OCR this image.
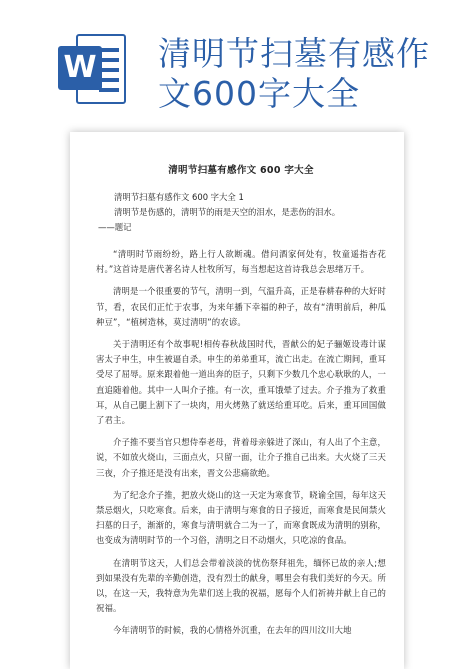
W 清明节扫墓有感作
文600字大全
清明节扫墓有感作文 600 字大全
清明节扫墓有感作文 600 字大全 1
清明节是伤感的，清明节的雨是天空的泪水，是悲伤的泪水。
——题记

“清明时节雨纷纷，路上行人欲断魂。借问酒家何处有，牧童遥指杏花村。”这首诗是唐代著名诗人杜牧所写，每当想起这首诗我总会思绪万千。

清明是一个很重要的节气，清明一到，气温升高，正是春耕春种的大好时节，看，农民们正忙于农事，为来年播下幸福的种子，故有“清明前后，种瓜种豆”，“植树造林，莫过清明”的农谚。

关于清明还有个故事呢!相传春秋战国时代，晋献公的妃子骊姬设毒计谋害太子申生，申生被逼自杀。申生的弟弟重耳，流亡出走。在流亡期间，重耳受尽了屈辱。原来跟着他一道出奔的臣子，只剩下少数几个忠心耿耿的人，一直追随着他。其中一人叫介子推。有一次，重耳饿晕了过去。介子推为了救重耳，从自己腿上割下了一块肉，用火烤熟了就送给重耳吃。后来，重耳回国做了君主。

介子推不要当官只想侍奉老母，背着母亲躲进了深山，有人出了个主意，说，不如放火烧山，三面点火，只留一面，让介子推自己出来。大火烧了三天三夜，介子推还是没有出来，晋文公悲痛欲绝。

为了纪念介子推，把放火烧山的这一天定为寒食节，晓谕全国，每年这天禁忌烟火，只吃寒食。后来，由于清明与寒食的日子接近，而寒食是民间禁火扫墓的日子，渐渐的，寒食与清明就合二为一了，而寒食既成为清明的别称，也变成为清明时节的一个习俗，清明之日不动烟火，只吃凉的食品。

在清明节这天，人们总会带着淡淡的忧伤祭拜祖先，缅怀已故的亲人;想到如果没有先辈的辛勤创造，没有烈士的献身，哪里会有我们美好的今天。所以，在这一天，我特意为先辈们送上我的祝福，愿每个人们祈祷并献上自己的祝福。

今年清明节的时候，我的心情格外沉重，在去年的四川汶川大地
